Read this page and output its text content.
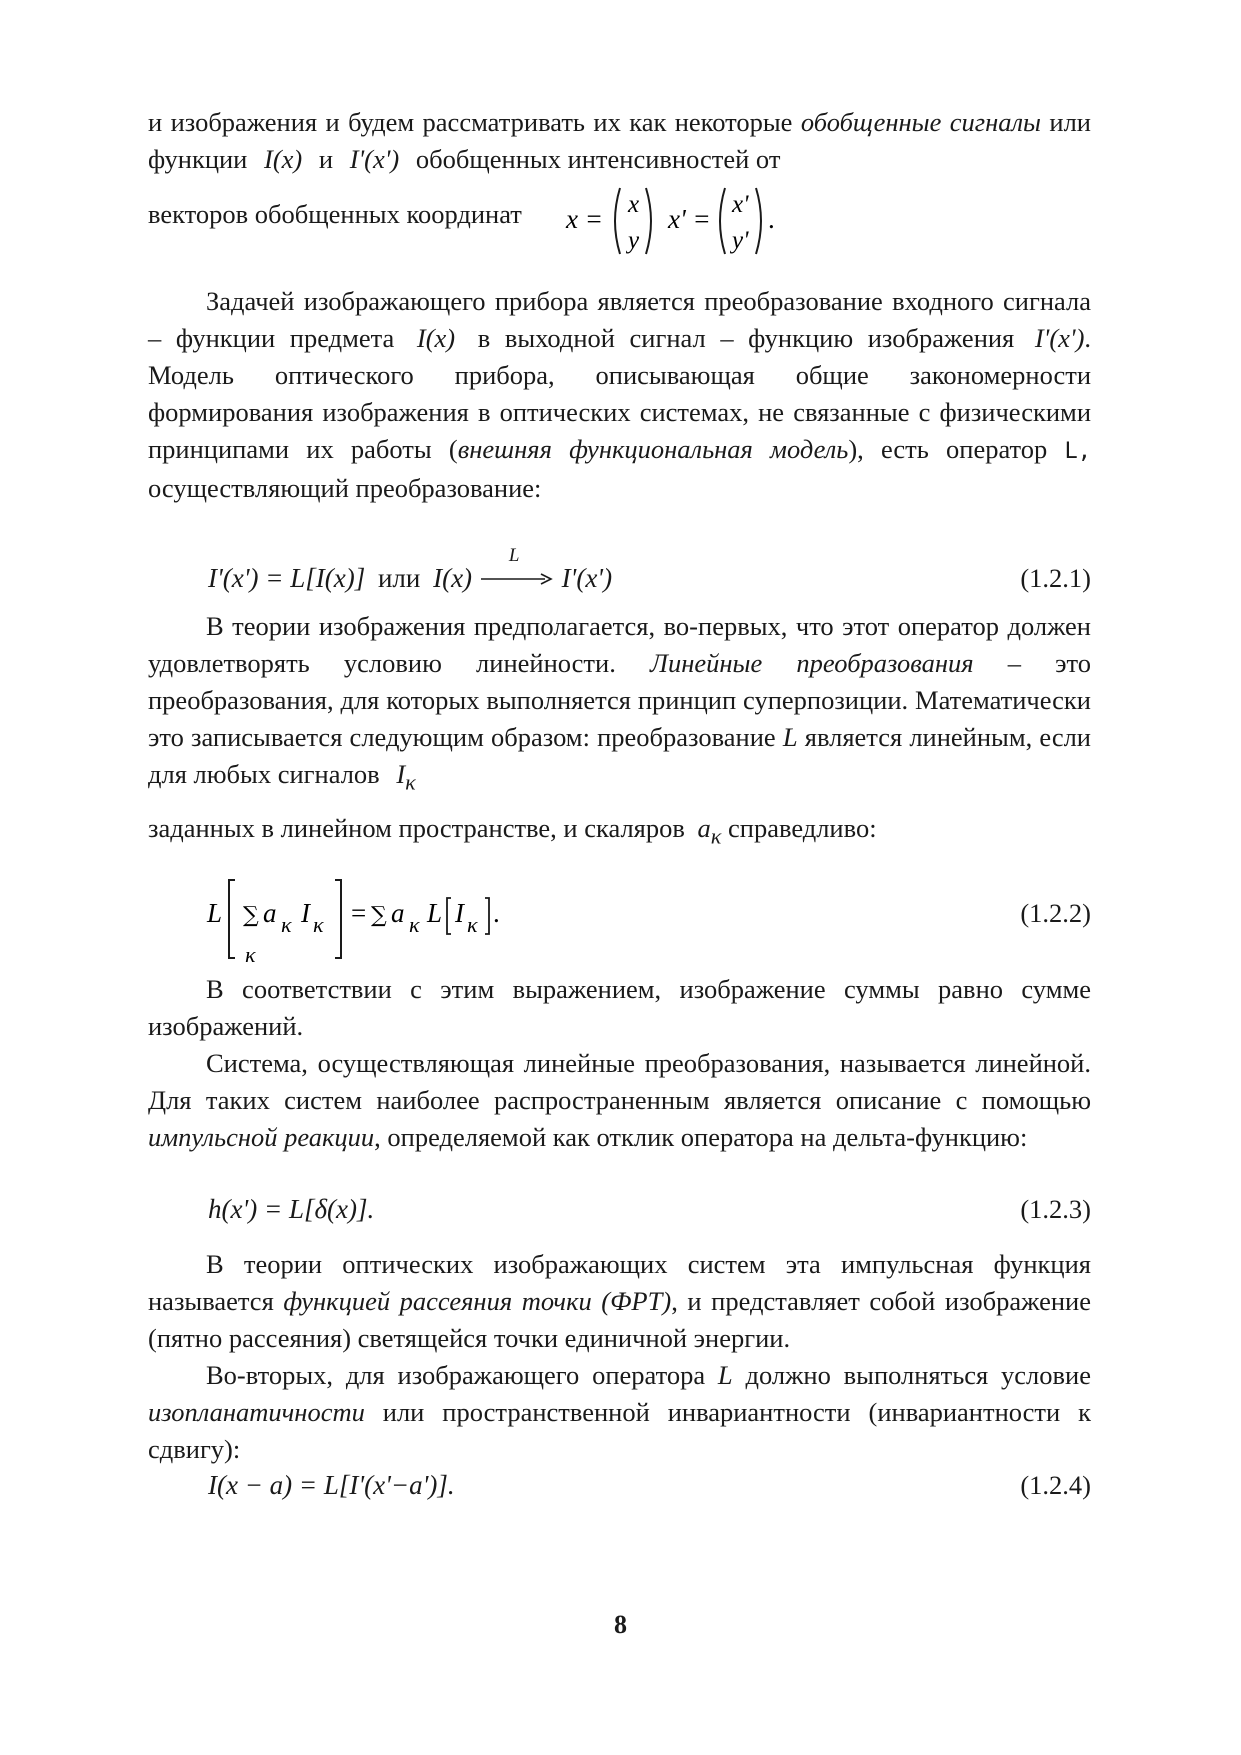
и изображения и будем рассматривать их как некоторые обобщенные сигналы или функции I(x) и I'(x') обобщенных интенсивностей от

векторов обобщенных координат	x = x
y
x' = x'
y'
.

Задачей изображающего прибора является преобразование входного сигнала – функции предмета I(x) в выходной сигнал – функцию изображения I'(x'). Модель оптического прибора, описывающая общие закономерности формирования изображения в оптических системах, не связанные с физическими принципами их работы (внешняя функциональная модель), есть оператор L, осуществляющий преобразование:

I'(x') = L[I(x)] или I(x)
L
I'(x')	(1.2.1)

В теории изображения предполагается, во-первых, что этот оператор должен удовлетворять условию линейности. Линейные преобразования – это преобразования, для которых выполняется принцип суперпозиции. Математически это записывается следующим образом: преобразование L является линейным, если для любых сигналов $I_\kappa$

заданных в линейном пространстве, и скаляров $a_\kappa$ справедливо:
L ∑ a κ I κ
κ
= ∑ a κ L I κ .	(1.2.2)

В соответствии с этим выражением, изображение суммы равно сумме изображений.

Система, осуществляющая линейные преобразования, называется линейной. Для таких систем наиболее распространенным является описание с помощью импульсной реакции, определяемой как отклик оператора на дельта-функцию:

h(x') = L[δ(x)].	(1.2.3)

В теории оптических изображающих систем эта импульсная функция называется функцией рассеяния точки (ФРТ), и представляет собой изображение (пятно рассеяния) светящейся точки единичной энергии.

Во-вторых, для изображающего оператора L должно выполняться условие изопланатичности или пространственной инвариантности (инвариантности к сдвигу):

I(x − a) = L[I'(x'−a')].	(1.2.4)
8
